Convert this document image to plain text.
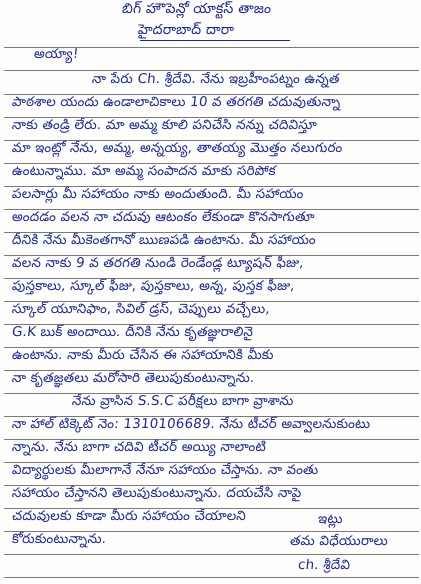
బిగ్ హౌపెన్లో యాక్టస్ తాజం
హైదరాబాద్ దారా
అయ్యా!
నా పేరు Ch. శ్రీదేవి. నేను ఇబ్రహీంపట్నం ఉన్నత
పాఠశాల యందు ఉండాలాచికాలు 10 వ తరగతి చదువుతున్నా
నాకు తండ్రి లేరు. మా అమ్మ కూలి పనిచేసి నన్ను చదివిస్తూ
మా ఇంట్లో నేను, అమ్మ, అన్నయ్య, తాతయ్య మొత్తం నలుగురం
ఉంటున్నాము. మా అమ్మ సంపాదన మాకు సరిపోక
పలసార్లు మీ సహాయం నాకు అందుతుంది. మీ సహాయం
అందడం వలన నా చదువు ఆటంకం లేకుండా కొనసాగుతూ
దీనికి నేను మీకెంతగానో ఋణపడి ఉంటాను. మీ సహాయం
వలన నాకు 9 వ తరగతి నుండి రెండేండ్ల ట్యూషన్ ఫీజు,
పుస్తకాలు, స్కూల్ ఫీజు, పుస్తకాలు, అన్న, పుస్తక ఫీజు,
స్కూల్ యూనిఫాం, సివిల్ డ్రస్, చెప్పులు వచ్చేలు,
G.K బుక్ అందాయి. దీనికి నేను కృతజ్ఞురాలినై
ఉంటాను. నాకు మీరు చేసిన ఈ సహాయానికి మీకు
నా కృతజ్ఞతలు మరోసారి తెలుపుకుంటున్నాను.
నేను వ్రాసిన S.S.C పరీక్షలు బాగా వ్రాశాను
నా హాల్ టిక్కెట్ నెం: 1310106689. నేను టీచర్ అవ్వాలనుకుంటు
న్నాను. నేను బాగా చదివి టీచర్ అయ్యి నాలాంటి
విద్యార్థులకు మీలాగానే నేనూ సహాయం చేస్తాను. నా వంతు
సహాయం చేస్తానని తెలుపుకుంటున్నాను. దయచేసి నాపై
చదువులకు కూడా మీరు సహాయం చేయాలని
కోరుకుంటున్నాను.
ఇట్లు
తమ విధేయురాలు
ch. శ్రీదేవి
